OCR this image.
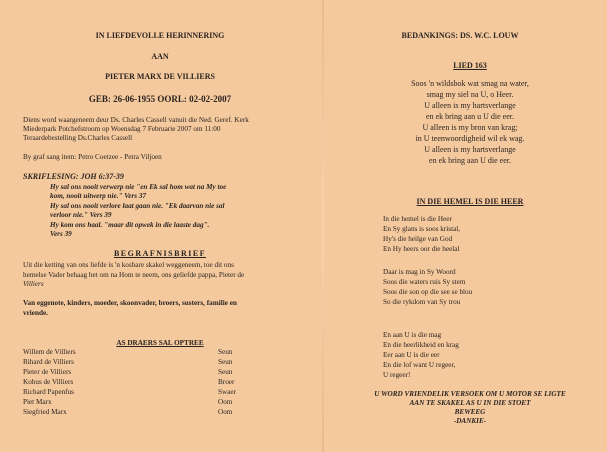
IN LIEFDEVOLLE HERINNERING
AAN
PIETER MARX DE VILLIERS
GEB: 26-06-1955 OORL: 02-02-2007
Diens word waargeneem deur Ds. Charles Cassell vanuit die Ned. Geref. Kerk
Miederpark Potchefstroom op Woensdag 7 Februarie 2007 om 11:00
Teraardebestelling Ds.Charles Cassell
By graf sang item: Petro Coetzee - Petra Viljoen
SKRIFLESING: JOH 6:37-39
Hy sal ons nooit verwerp nie "en Ek sal hom wat na My toe
kom, nooit uitwerp nie." Vers 37
Hy sal ons nooit verlore laat gaan nie. "Ek daarvan nie sal
verloor nie." Vers 39
Hy kom ons haal. "maar dit opwek in die laaste dag".
Vers 39
BEGRAFNISBRIEF
Uit die ketting van ons liefde is 'n kosbare skakel weggeneem, toe dit ons
hemelse Vader behaag het om na Hom te neem, ons geliefde pappa, Pieter de
Villiers
Van eggenote, kinders, moeder, skoonvader, broers, susters, familie en
vriende.
AS DRAERS SAL OPTREE
Willem de Villiers	Seun
Rihard de Villiers	Seun
Pieter de Villiers	Seun
Kobus de Villiers	Broer
Richard Papenfus	Swaer
Piet Marx	Oom
Siegfried Marx	Oom
BEDANKINGS: DS. W.C. LOUW
LIED 163
Soos 'n wildsbok wat smag na water,
smag my siel na U, o Heer.
U alleen is my hartsverlange
en ek bring aan u U die eer.
U alleen is my bron van krag;
in U teenwoordigheid wil ek wag.
U alleen is my hartsverlange
en ek bring aan U die eer.
IN DIE HEMEL IS DIE HEER
In die hemel is die Heer
En Sy glans is soos kristal,
Hy's die heilge van God
En Hy heers oor die heelal
Daar is mag in Sy Woord
Soos die waters ruis Sy stem
Soos die son op die see se blou
So die rykdom van Sy trou
En aan U is die mag
En die heerlikheid en krag
Eer aan U is die eer
En die lof want U regeer,
U regeer!
U WORD VRIENDELIK VERSOEK OM U MOTOR SE LIGTE
AAN TE SKAKEL AS U IN DIE STOET
BEWEEG
-DANKIE-
